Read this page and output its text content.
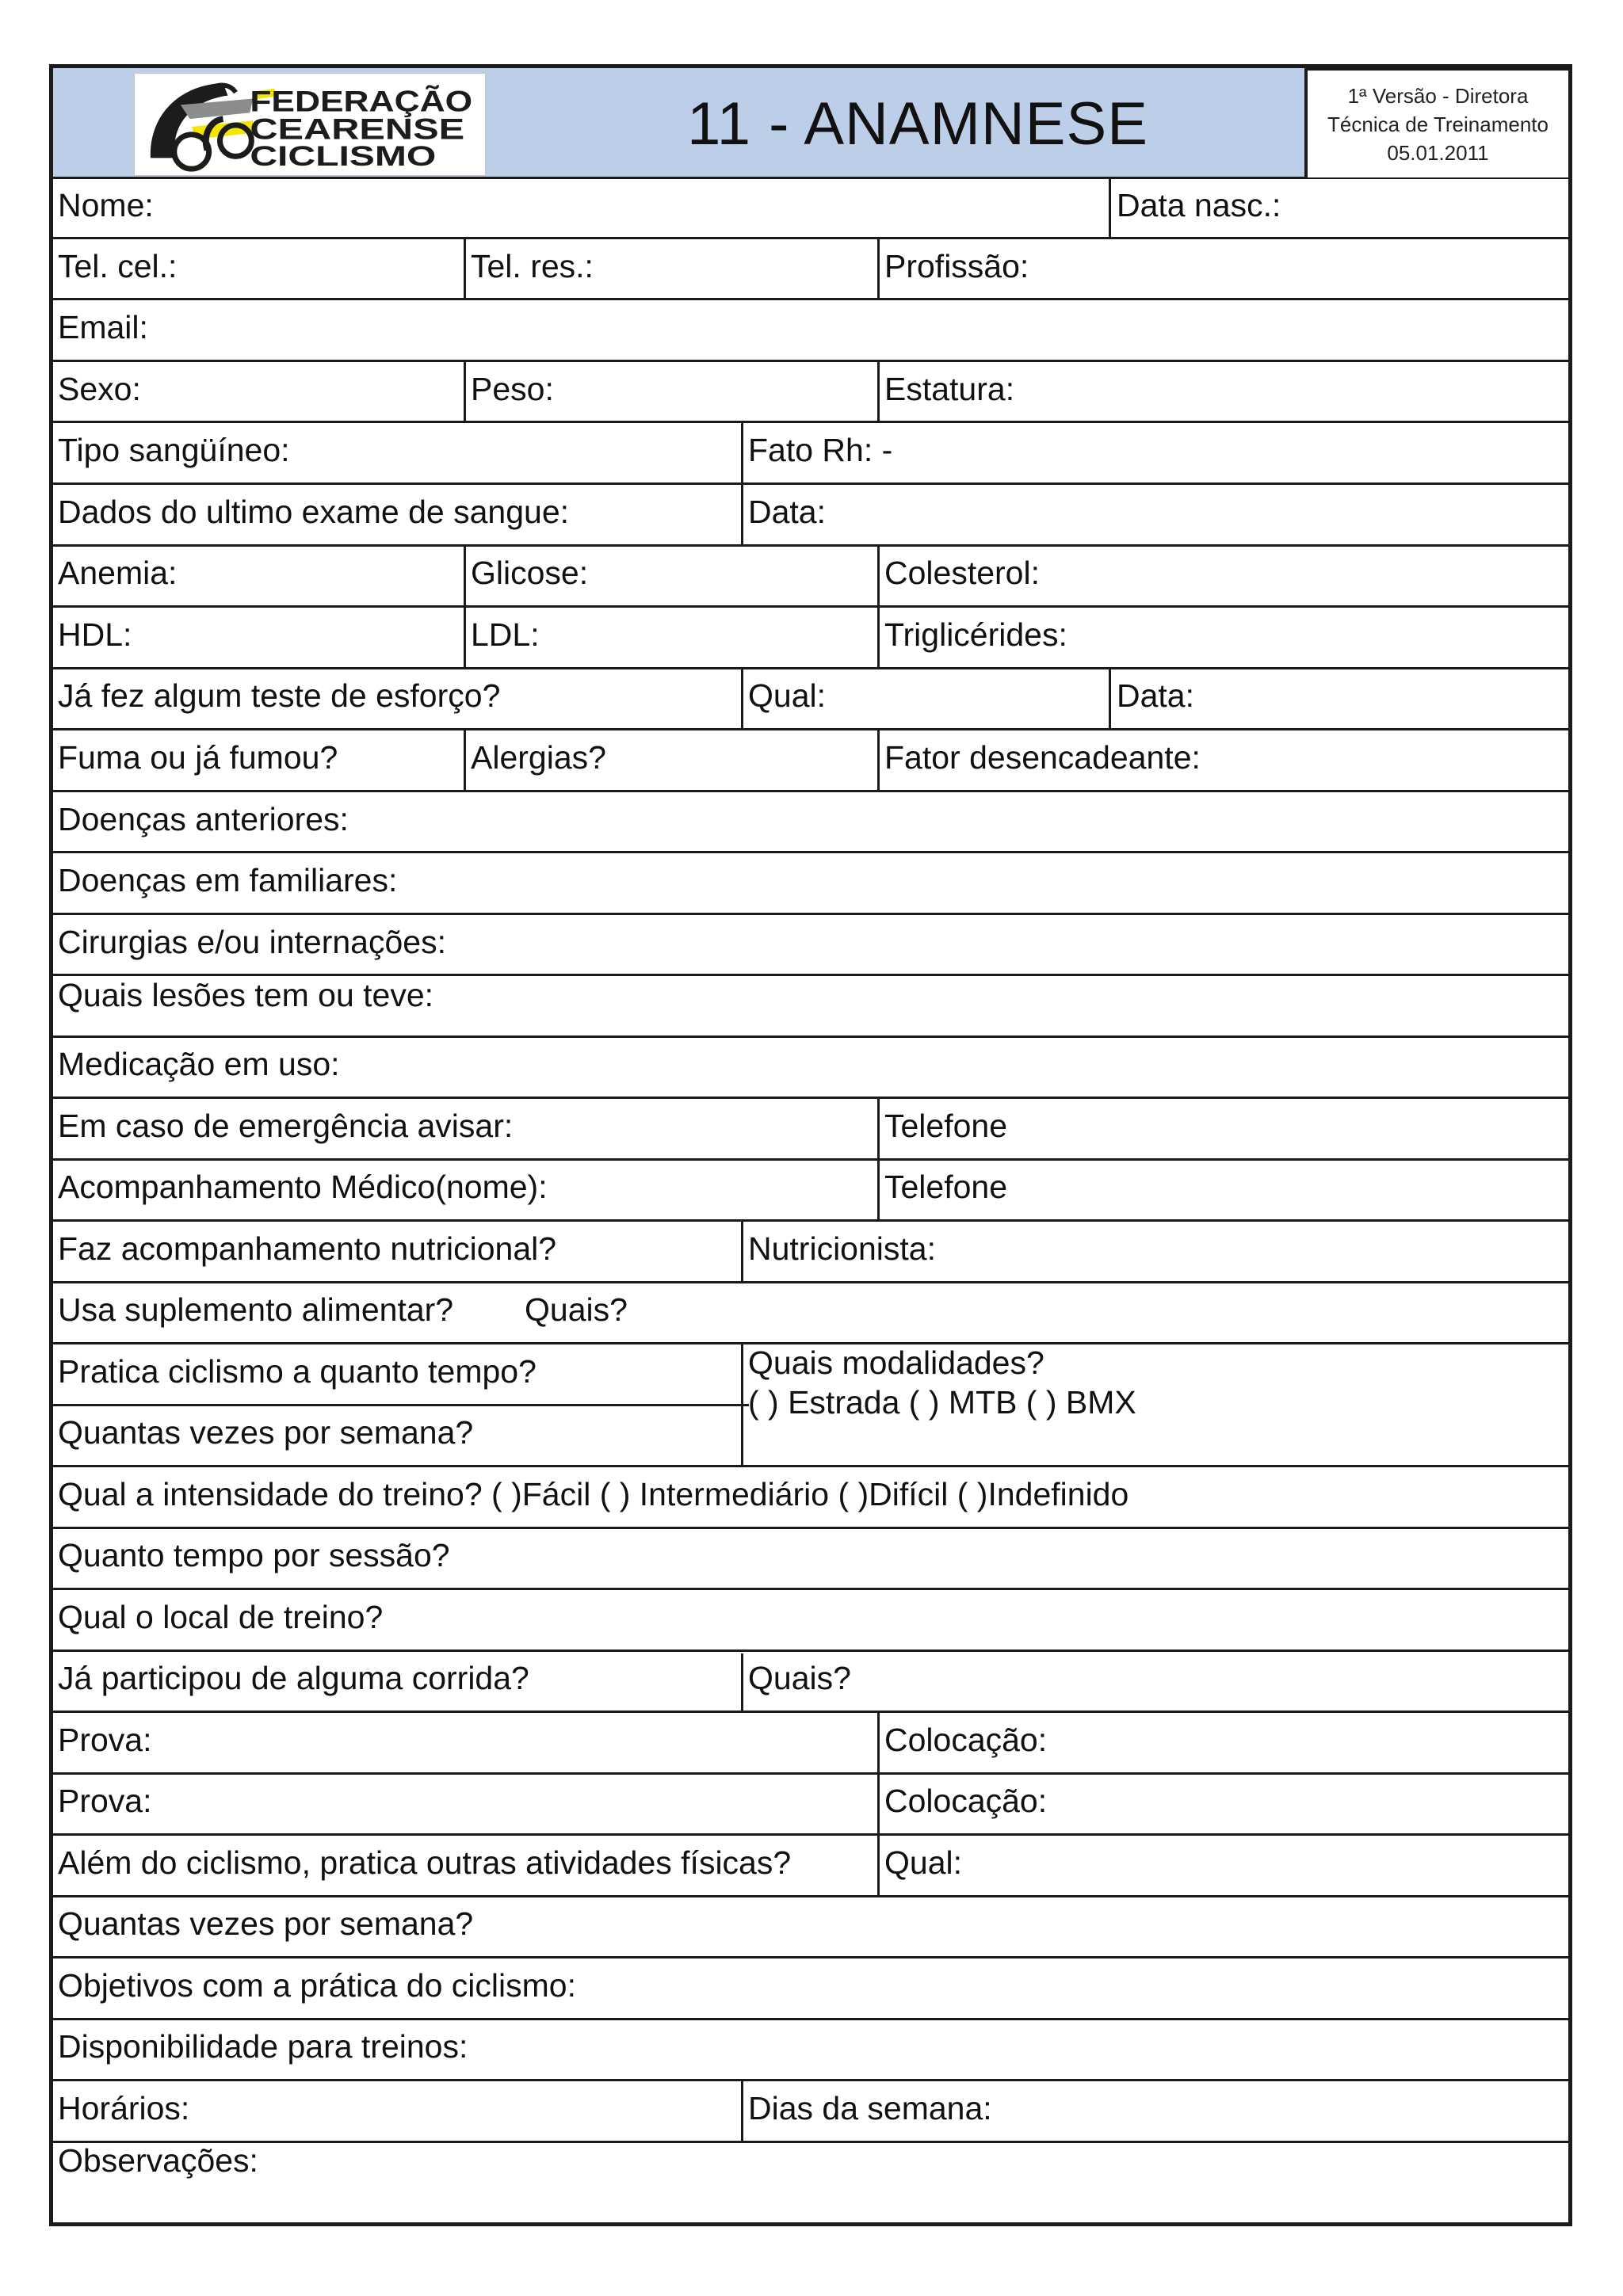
FEDERAÇÃO
CEARENSE
CICLISMO	11 - ANAMNESE	1ª Versão - Diretora
Técnica de Treinamento
05.01.2011
Nome:	Data nasc.:
Tel. cel.:	Tel. res.:	Profissão:
Email:
Sexo:	Peso:	Estatura:
Tipo sangüíneo:	Fato Rh: -
Dados do ultimo exame de sangue:	Data:
Anemia:	Glicose:	Colesterol:
HDL:	LDL:	Triglicérides:
Já fez algum teste de esforço?	Qual:	Data:
Fuma ou já fumou?	Alergias?	Fator desencadeante:
Doenças anteriores:
Doenças em familiares:
Cirurgias e/ou internações:
Quais lesões tem ou teve:
Medicação em uso:
Em caso de emergência avisar:	Telefone
Acompanhamento Médico(nome):	Telefone
Faz acompanhamento nutricional?	Nutricionista:
Usa suplemento alimentar? Quais?
Pratica ciclismo a quanto tempo?	Quais modalidades?
( ) Estrada ( ) MTB ( ) BMX
Quantas vezes por semana?
Qual a intensidade do treino? ( )Fácil ( ) Intermediário ( )Difícil ( )Indefinido
Quanto tempo por sessão?
Qual o local de treino?
Já participou de alguma corrida?	Quais?
Prova:	Colocação:
Prova:	Colocação:
Além do ciclismo, pratica outras atividades físicas?	Qual:
Quantas vezes por semana?
Objetivos com a prática do ciclismo:
Disponibilidade para treinos:
Horários:	Dias da semana:
Observações:
